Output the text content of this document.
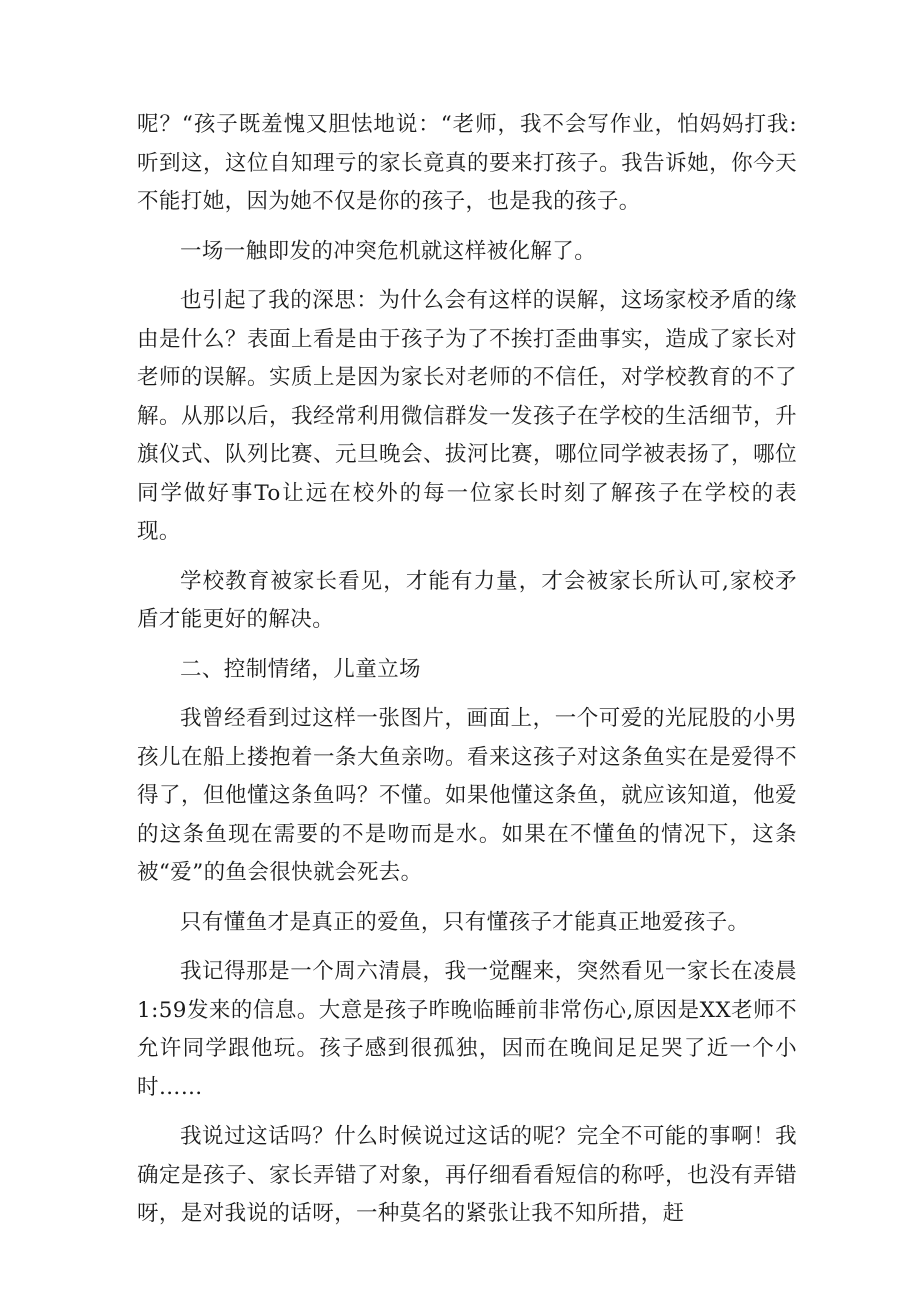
呢？“孩子既羞愧又胆怯地说：“老师，我不会写作业，怕妈妈打我:听到这，这位自知理亏的家长竟真的要来打孩子。我告诉她，你今天不能打她，因为她不仅是你的孩子，也是我的孩子。

一场一触即发的冲突危机就这样被化解了。

也引起了我的深思：为什么会有这样的误解，这场家校矛盾的缘由是什么？表面上看是由于孩子为了不挨打歪曲事实，造成了家长对老师的误解。实质上是因为家长对老师的不信任，对学校教育的不了解。从那以后，我经常利用微信群发一发孩子在学校的生活细节，升旗仪式、队列比赛、元旦晚会、拔河比赛，哪位同学被表扬了，哪位同学做好事To让远在校外的每一位家长时刻了解孩子在学校的表现。

学校教育被家长看见，才能有力量，才会被家长所认可,家校矛盾才能更好的解决。

二、控制情绪，儿童立场

我曾经看到过这样一张图片，画面上，一个可爱的光屁股的小男孩儿在船上搂抱着一条大鱼亲吻。看来这孩子对这条鱼实在是爱得不得了，但他懂这条鱼吗？不懂。如果他懂这条鱼，就应该知道，他爱的这条鱼现在需要的不是吻而是水。如果在不懂鱼的情况下，这条被“爱”的鱼会很快就会死去。

只有懂鱼才是真正的爱鱼，只有懂孩子才能真正地爱孩子。

我记得那是一个周六清晨，我一觉醒来，突然看见一家长在凌晨1:59发来的信息。大意是孩子昨晚临睡前非常伤心,原因是XX老师不允许同学跟他玩。孩子感到很孤独，因而在晚间足足哭了近一个小时……

我说过这话吗？什么时候说过这话的呢？完全不可能的事啊！我确定是孩子、家长弄错了对象，再仔细看看短信的称呼，也没有弄错呀，是对我说的话呀，一种莫名的紧张让我不知所措，赶
